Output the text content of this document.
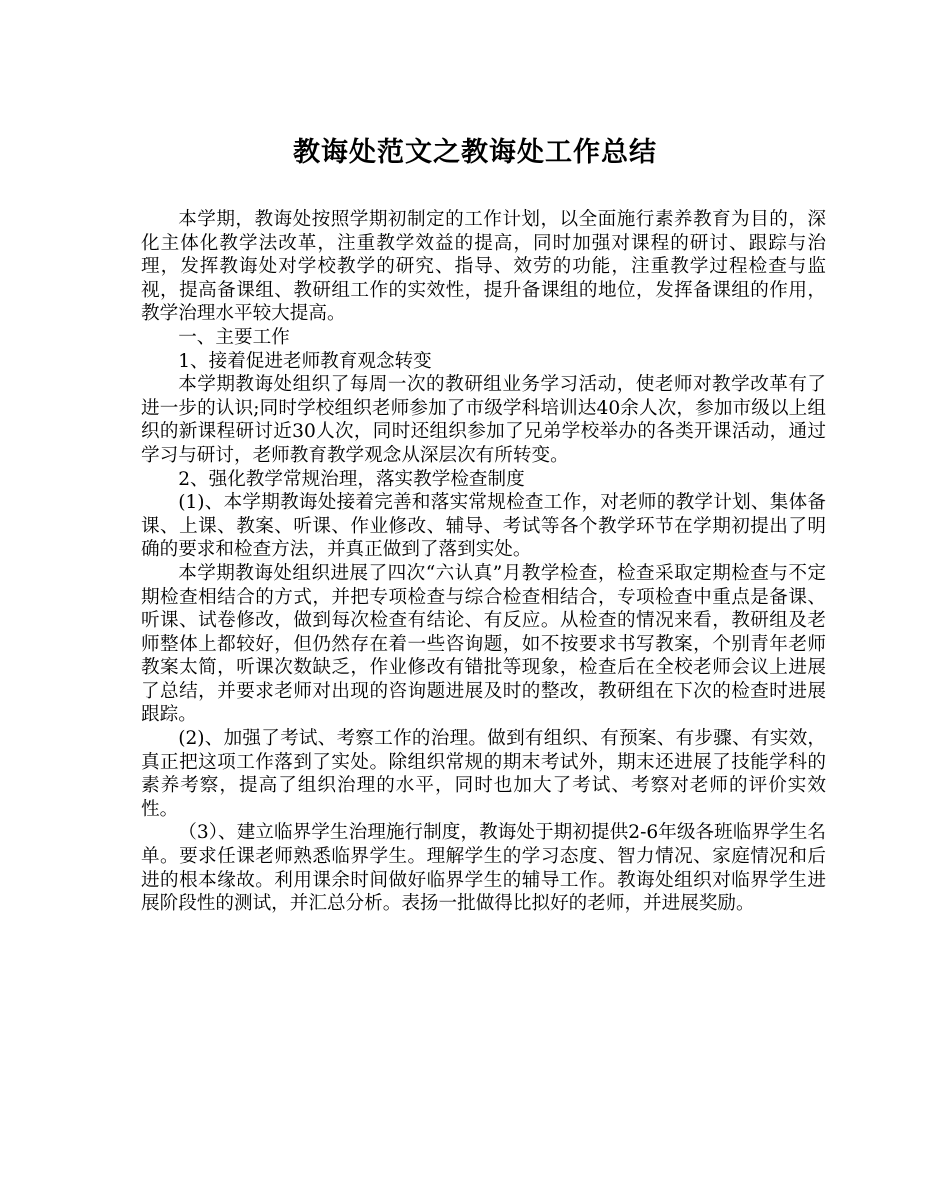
教诲处范文之教诲处工作总结

本学期，教诲处按照学期初制定的工作计划，以全面施行素养教育为目的，深化主体化教学法改革，注重教学效益的提高，同时加强对课程的研讨、跟踪与治理，发挥教诲处对学校教学的研究、指导、效劳的功能，注重教学过程检查与监视，提高备课组、教研组工作的实效性，提升备课组的地位，发挥备课组的作用，教学治理水平较大提高。

一、主要工作

1、接着促进老师教育观念转变

本学期教诲处组织了每周一次的教研组业务学习活动，使老师对教学改革有了进一步的认识;同时学校组织老师参加了市级学科培训达40余人次，参加市级以上组织的新课程研讨近30人次，同时还组织参加了兄弟学校举办的各类开课活动，通过学习与研讨，老师教育教学观念从深层次有所转变。

2、强化教学常规治理，落实教学检查制度

(1)、本学期教诲处接着完善和落实常规检查工作，对老师的教学计划、集体备课、上课、教案、听课、作业修改、辅导、考试等各个教学环节在学期初提出了明确的要求和检查方法，并真正做到了落到实处。

本学期教诲处组织进展了四次“六认真”月教学检查，检查采取定期检查与不定期检查相结合的方式，并把专项检查与综合检查相结合，专项检查中重点是备课、听课、试卷修改，做到每次检查有结论、有反应。从检查的情况来看，教研组及老师整体上都较好，但仍然存在着一些咨询题，如不按要求书写教案，个别青年老师教案太简，听课次数缺乏，作业修改有错批等现象，检查后在全校老师会议上进展了总结，并要求老师对出现的咨询题进展及时的整改，教研组在下次的检查时进展跟踪。

(2)、加强了考试、考察工作的治理。做到有组织、有预案、有步骤、有实效，真正把这项工作落到了实处。除组织常规的期末考试外，期末还进展了技能学科的素养考察，提高了组织治理的水平，同时也加大了考试、考察对老师的评价实效性。

（3）、建立临界学生治理施行制度，教诲处于期初提供2-6年级各班临界学生名单。要求任课老师熟悉临界学生。理解学生的学习态度、智力情况、家庭情况和后进的根本缘故。利用课余时间做好临界学生的辅导工作。教诲处组织对临界学生进展阶段性的测试，并汇总分析。表扬一批做得比拟好的老师，并进展奖励。
